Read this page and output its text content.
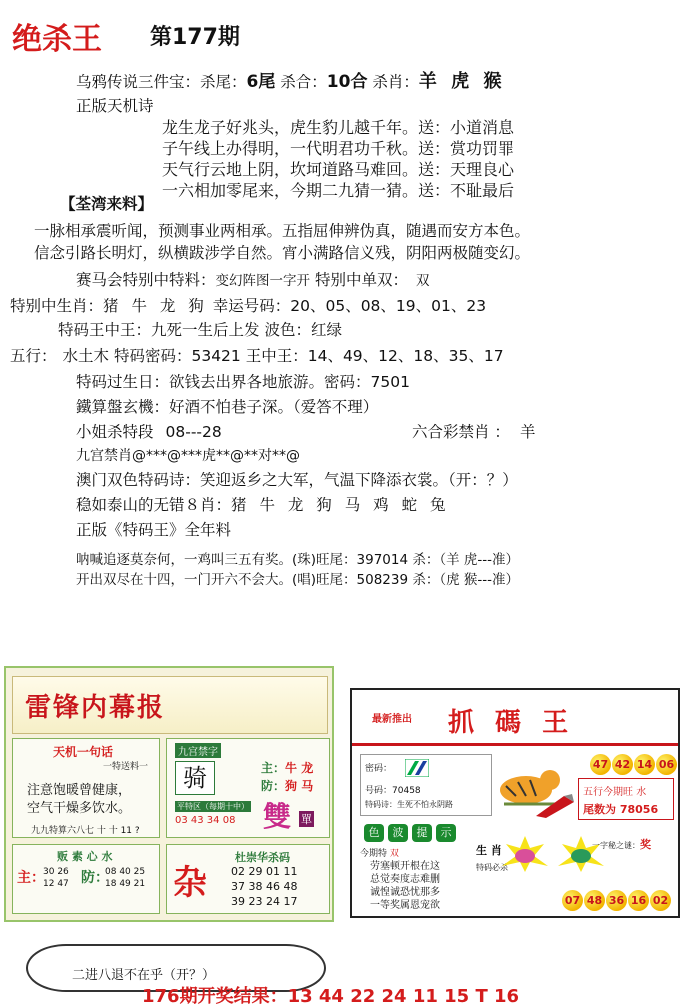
绝杀王 第177期
乌鸦传说三件宝：杀尾：6尾 杀合：10合 杀肖：羊 虎 猴
正版天机诗
龙生龙子好兆头，虎生豹儿越千年。送：小道消息
子午线上办得明，一代明君功千秋。送：赏功罚罪
天气行云地上阴，坎坷道路马难回。送：天理良心
一六相加零尾来，今期二九猜一猜。送：不耻最后
【荃湾来料】
一脉相承震听闻，预测事业两相承。五指屈伸辨伪真，随遇而安方本色。
信念引路长明灯，纵横跋涉学自然。宵小满路信义残，阴阳两极随变幻。
赛马会特别中特料：变幻阵图一字开 特别中单双： 双
特别中生肖：猪 牛 龙 狗 幸运号码：20、05、08、19、01、23
特码王中王：九死一生后上发 波色：红绿
五行： 水土木 特码密码：53421 王中王：14、49、12、18、35、17
特码过生日：欲钱去出界各地旅游。密码：7501
鐵算盤玄機：好酒不怕巷子深。（爱答不理）
小姐杀特段 08---28	六合彩禁肖 ： 羊
九宫禁肖@***@***虎**@**对**@
澳门双色特码诗：笑迎返乡之大军，气温下降添衣裳。（开：？）
稳如泰山的无错８肖：猪 牛 龙 狗 马 鸡 蛇 兔
正版《特码王》全年料
呐喊追逐莫奈何，一鸡叫三五有奖。(珠)旺尾：397014 杀：（羊 虎---准）
开出双尽在十四，一门开六不会大。(唱)旺尾：508239 杀：（虎 猴---准）
雷锋内幕报
天机一句话
一特送料一
注意饱暖曾健康，
空气干燥多饮水。
九九特算六八七 十 十 11 ?
九宫禁字
骑	主：牛 龙
防：狗 马
平特区（每期十中）
03 43 34 08 雙 單
贩 素 心 水
主：
30 26
12 47 防：
08 40 25
18 49 21 杂
杜崇华杀码
02 29 01 11
37 38 46 48
39 23 24 17
最新推出 抓 碼 王
密码：
号码：70458
特码诗：生死不怕永阴路
47 42 14 06
五行今期旺 水
尾数为 78056
色	波	提	示
今期特 双
劳塞顿开根在这
总觉奏度志难删
诚惶诚恐忧那多
一等奖属恩宠欲
生 肖
特码必杀
一字秘之谜：奖
07 48 36 16 02
二进八退不在乎（开？）
176期开奖结果：13 44 22 24 11 15 T 16
